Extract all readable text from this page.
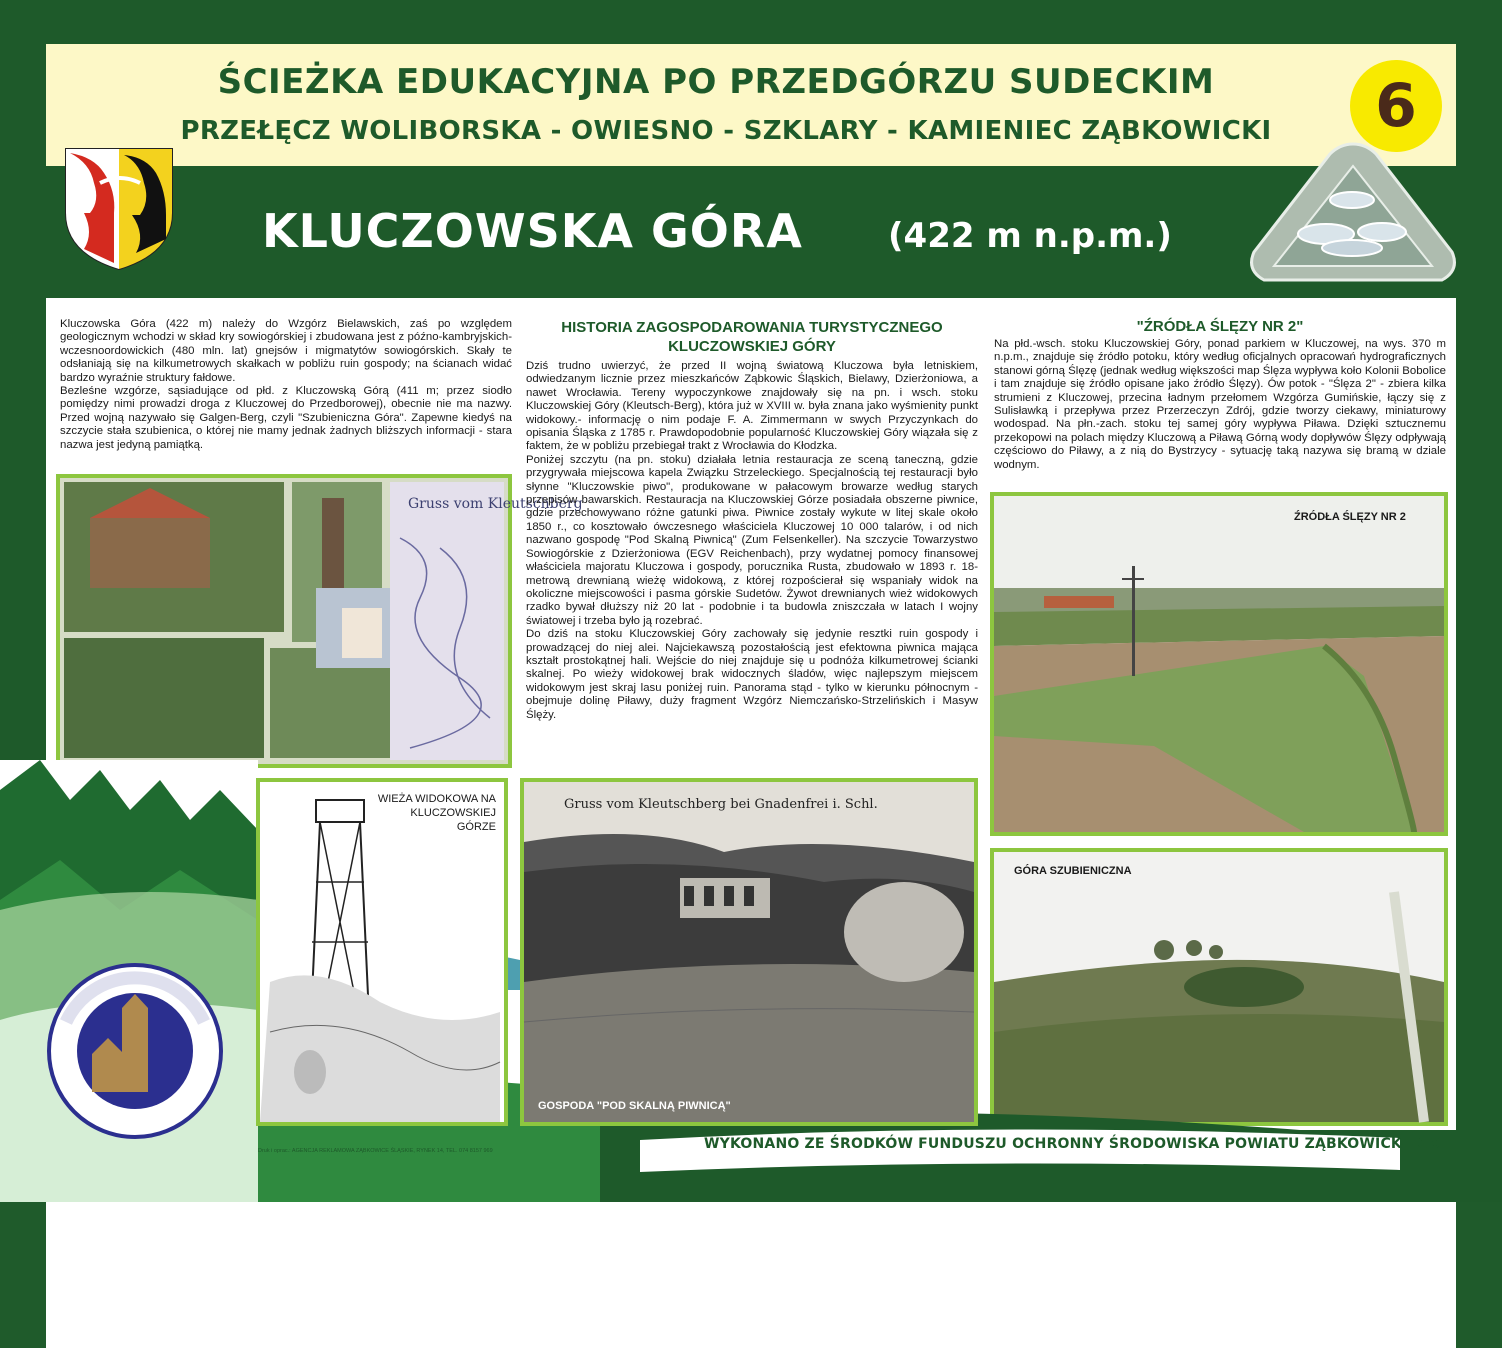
ŚCIEŻKA EDUKACYJNA PO PRZEDGÓRZU SUDECKIM
PRZEŁĘCZ WOLIBORSKA - OWIESNO - SZKLARY - KAMIENIEC ZĄBKOWICKI	6
KLUCZOWSKA GÓRA	(422 m n.p.m.)

Kluczowska Góra (422 m) należy do Wzgórz Bielawskich, zaś po względem geologicznym wchodzi w skład kry sowiogórskiej i zbudowana jest z późno-kambryjskich-wczesnoordowickich (480 mln. lat) gnejsów i migmatytów sowiogórskich. Skały te odsłaniają się na kilkumetrowych skałkach w pobliżu ruin gospody; na ścianach widać bardzo wyraźnie struktury fałdowe.

Bezleśne wzgórze, sąsiadujące od płd. z Kluczowską Górą (411 m; przez siodło pomiędzy nimi prowadzi droga z Kluczowej do Przedborowej), obecnie nie ma nazwy. Przed wojną nazywało się Galgen-Berg, czyli "Szubieniczna Góra". Zapewne kiedyś na szczycie stała szubienica, o której nie mamy jednak żadnych bliższych informacji - stara nazwa jest jedyną pamiątką.

Gruss vom Kleutschberg
HISTORIA ZAGOSPODAROWANIA TURYSTYCZNEGO KLUCZOWSKIEJ GÓRY

Dziś trudno uwierzyć, że przed II wojną światową Kluczowa była letniskiem, odwiedzanym licznie przez mieszkańców Ząbkowic Śląskich, Bielawy, Dzierżoniowa, a nawet Wrocławia. Tereny wypoczynkowe znajdowały się na pn. i wsch. stoku Kluczowskiej Góry (Kleutsch-Berg), która już w XVIII w. była znana jako wyśmienity punkt widokowy.- informację o nim podaje F. A. Zimmermann w swych Przyczynkach do opisania Śląska z 1785 r. Prawdopodobnie popularność Kluczowskiej Góry wiązała się z faktem, że w pobliżu przebiegał trakt z Wrocławia do Kłodzka.

Poniżej szczytu (na pn. stoku) działała letnia restauracja ze sceną taneczną, gdzie przygrywała miejscowa kapela Związku Strzeleckiego. Specjalnością tej restauracji było słynne "Kluczowskie piwo", produkowane w pałacowym browarze według starych przepisów bawarskich. Restauracja na Kluczowskiej Górze posiadała obszerne piwnice, gdzie przechowywano różne gatunki piwa. Piwnice zostały wykute w litej skale około 1850 r., co kosztowało ówczesnego właściciela Kluczowej 10 000 talarów, i od nich nazwano gospodę "Pod Skalną Piwnicą" (Zum Felsenkeller). Na szczycie Towarzystwo Sowiogórskie z Dzierżoniowa (EGV Reichenbach), przy wydatnej pomocy finansowej właściciela majoratu Kluczowa i gospody, porucznika Rusta, zbudowało w 1893 r. 18-metrową drewnianą wieżę widokową, z której rozpościerał się wspaniały widok na okoliczne miejscowości i pasma górskie Sudetów. Żywot drewnianych wież widokowych rzadko bywał dłuższy niż 20 lat - podobnie i ta budowla zniszczała w latach I wojny światowej i trzeba było ją rozebrać.

Do dziś na stoku Kluczowskiej Góry zachowały się jedynie resztki ruin gospody i prowadzącej do niej alei. Najciekawszą pozostałością jest efektowna piwnica mająca kształt prostokątnej hali. Wejście do niej znajduje się u podnóża kilkumetrowej ścianki skalnej. Po wieży widokowej brak widocznych śladów, więc najlepszym miejscem widokowym jest skraj lasu poniżej ruin. Panorama stąd - tylko w kierunku północnym - obejmuje dolinę Piławy, duży fragment Wzgórz Niemczańsko-Strzelińskich i Masyw Ślęży.

"ŹRÓDŁA ŚLĘZY NR 2"

Na płd.-wsch. stoku Kluczowskiej Góry, ponad parkiem w Kluczowej, na wys. 370 m n.p.m., znajduje się źródło potoku, który według oficjalnych opracowań hydrograficznych stanowi górną Ślęzę (jednak według większości map Ślęza wypływa koło Kolonii Bobolice i tam znajduje się źródło opisane jako źródło Ślęzy). Ów potok - "Ślęza 2" - zbiera kilka strumieni z Kluczowej, przecina ładnym przełomem Wzgórza Gumińskie, łączy się z Sulisławką i przepływa przez Przerzeczyn Zdrój, gdzie tworzy ciekawy, miniaturowy wodospad. Na płn.-zach. stoku tej samej góry wypływa Piława. Dzięki sztucznemu przekopowi na polach między Kluczową a Piławą Górną wody dopływów Ślęzy odpływają częściowo do Piławy, a z nią do Bystrzycy - sytuację taką nazywa się bramą w dziale wodnym.

ŹRÓDŁA ŚLĘZY NR 2
GÓRA SZUBIENICZNA
WIEŻA WIDOKOWA NA KLUCZOWSKIEJ GÓRZE
Gruss vom Kleutschberg bei Gnadenfrei i. Schl.
GOSPODA "POD SKALNĄ PIWNICĄ"
WYKONANO ZE ŚRODKÓW FUNDUSZU OCHRONNY ŚRODOWISKA POWIATU ZĄBKOWICKIEGO
Druk i oprac.: AGENCJA REKLAMOWA ZĄBKOWICE ŚLĄSKIE, RYNEK 14, TEL. 074 8157 969
